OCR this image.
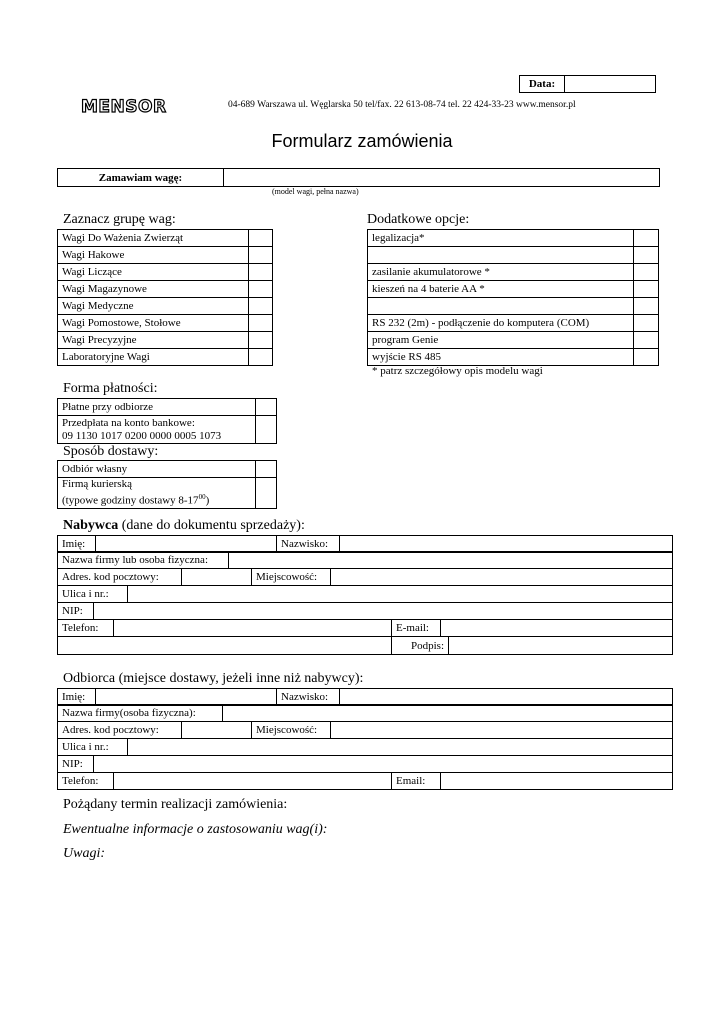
Data:	
MENSOR	04-689 Warszawa ul. Węglarska 50 tel/fax. 22 613-08-74 tel. 22 424-33-23 www.mensor.pl
Formularz zamówienia
Zamawiam wagę:	
(model wagi, pełna nazwa)
Zaznacz grupę wag:
Wagi Do Ważenia Zwierząt	
Wagi Hakowe	
Wagi Liczące	
Wagi Magazynowe	
Wagi Medyczne	
Wagi Pomostowe, Stołowe	
Wagi Precyzyjne	
Laboratoryjne Wagi	
Dodatkowe opcje:
legalizacja*	

zasilanie akumulatorowe *	
kieszeń na 4 baterie AA *	

RS 232 (2m) - podłączenie do komputera (COM)	
program Genie	
wyjście RS 485	
* patrz szczegółowy opis modelu wagi
Forma płatności:
Płatne przy odbiorze	

Przedpłata na konto bankowe:
09 1130 1017 0200 0000 0005 1073	

Sposób dostawy:
Odbiór własny	

Firmą kurierską
(typowe godziny dostawy $8-17^{00}$)	

Nabywca (dane do dokumentu sprzedaży):
Imię:		Nazwisko:	
Nazwa firmy lub osoba fizyczna:	
Adres. kod pocztowy:		Miejscowość:	
Ulica i nr.:	
NIP:	
Telefon:		E-mail:	
	Podpis:	
Odbiorca (miejsce dostawy, jeżeli inne niż nabywcy):
Imię:		Nazwisko:	
Nazwa firmy(osoba fizyczna):	
Adres. kod pocztowy:		Miejscowość:	
Ulica i nr.:	
NIP:	
Telefon:		Email:	
Pożądany termin realizacji zamówienia:
Ewentualne informacje o zastosowaniu wag(i):
Uwagi:
